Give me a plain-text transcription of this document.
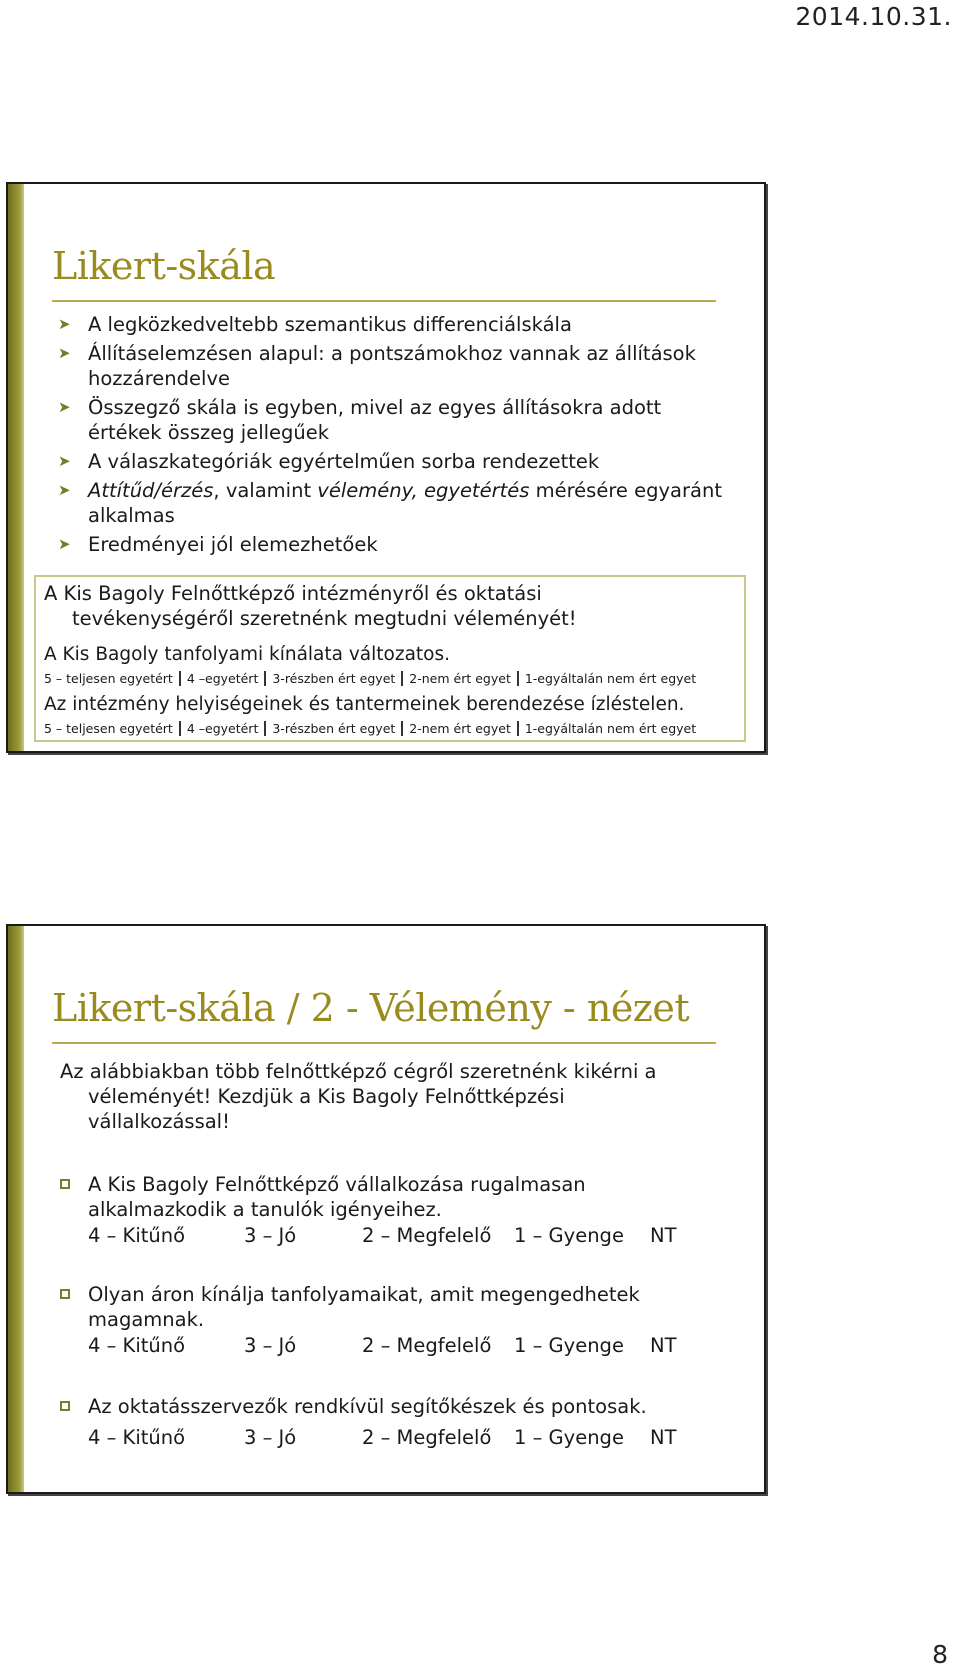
2014.10.31.
Likert-skála
➤ A legközkedveltebb szemantikus differenciálskála
➤ Állításelemzésen alapul: a pontszámokhoz vannak az állítások hozzárendelve
➤ Összegző skála is egyben, mivel az egyes állításokra adott értékek összeg jellegűek
➤ A válaszkategóriák egyértelműen sorba rendezettek
➤ Attítűd/érzés, valamint vélemény, egyetértés mérésére egyaránt alkalmas
➤ Eredményei jól elemezhetőek

A Kis Bagoly Felnőttképző intézményről és oktatási
tevékenységéről szeretnénk megtudni véleményét!

A Kis Bagoly tanfolyami kínálata változatos.

5 – teljesen egyetért 4 –egyetért 3-részben ért egyet 2-nem ért egyet 1-egyáltalán nem ért egyet

Az intézmény helyiségeinek és tantermeinek berendezése ízléstelen.

5 – teljesen egyetért 4 –egyetért 3-részben ért egyet 2-nem ért egyet 1-egyáltalán nem ért egyet

Likert-skála / 2 - Vélemény - nézet

Az alábbiakban több felnőttképző cégről szeretnénk kikérni a
véleményét! Kezdjük a Kis Bagoly Felnőttképzési
vállalkozással!

A Kis Bagoly Felnőttképző vállalkozása rugalmasan
alkalmazkodik a tanulók igényeihez.
4 – Kitűnő	3 – Jó	2 – Megfelelő	1 – Gyenge	NT
Olyan áron kínálja tanfolyamaikat, amit megengedhetek
magamnak.
4 – Kitűnő	3 – Jó	2 – Megfelelő	1 – Gyenge	NT
Az oktatásszervezők rendkívül segítőkészek és pontosak.
4 – Kitűnő	3 – Jó	2 – Megfelelő	1 – Gyenge	NT
8
